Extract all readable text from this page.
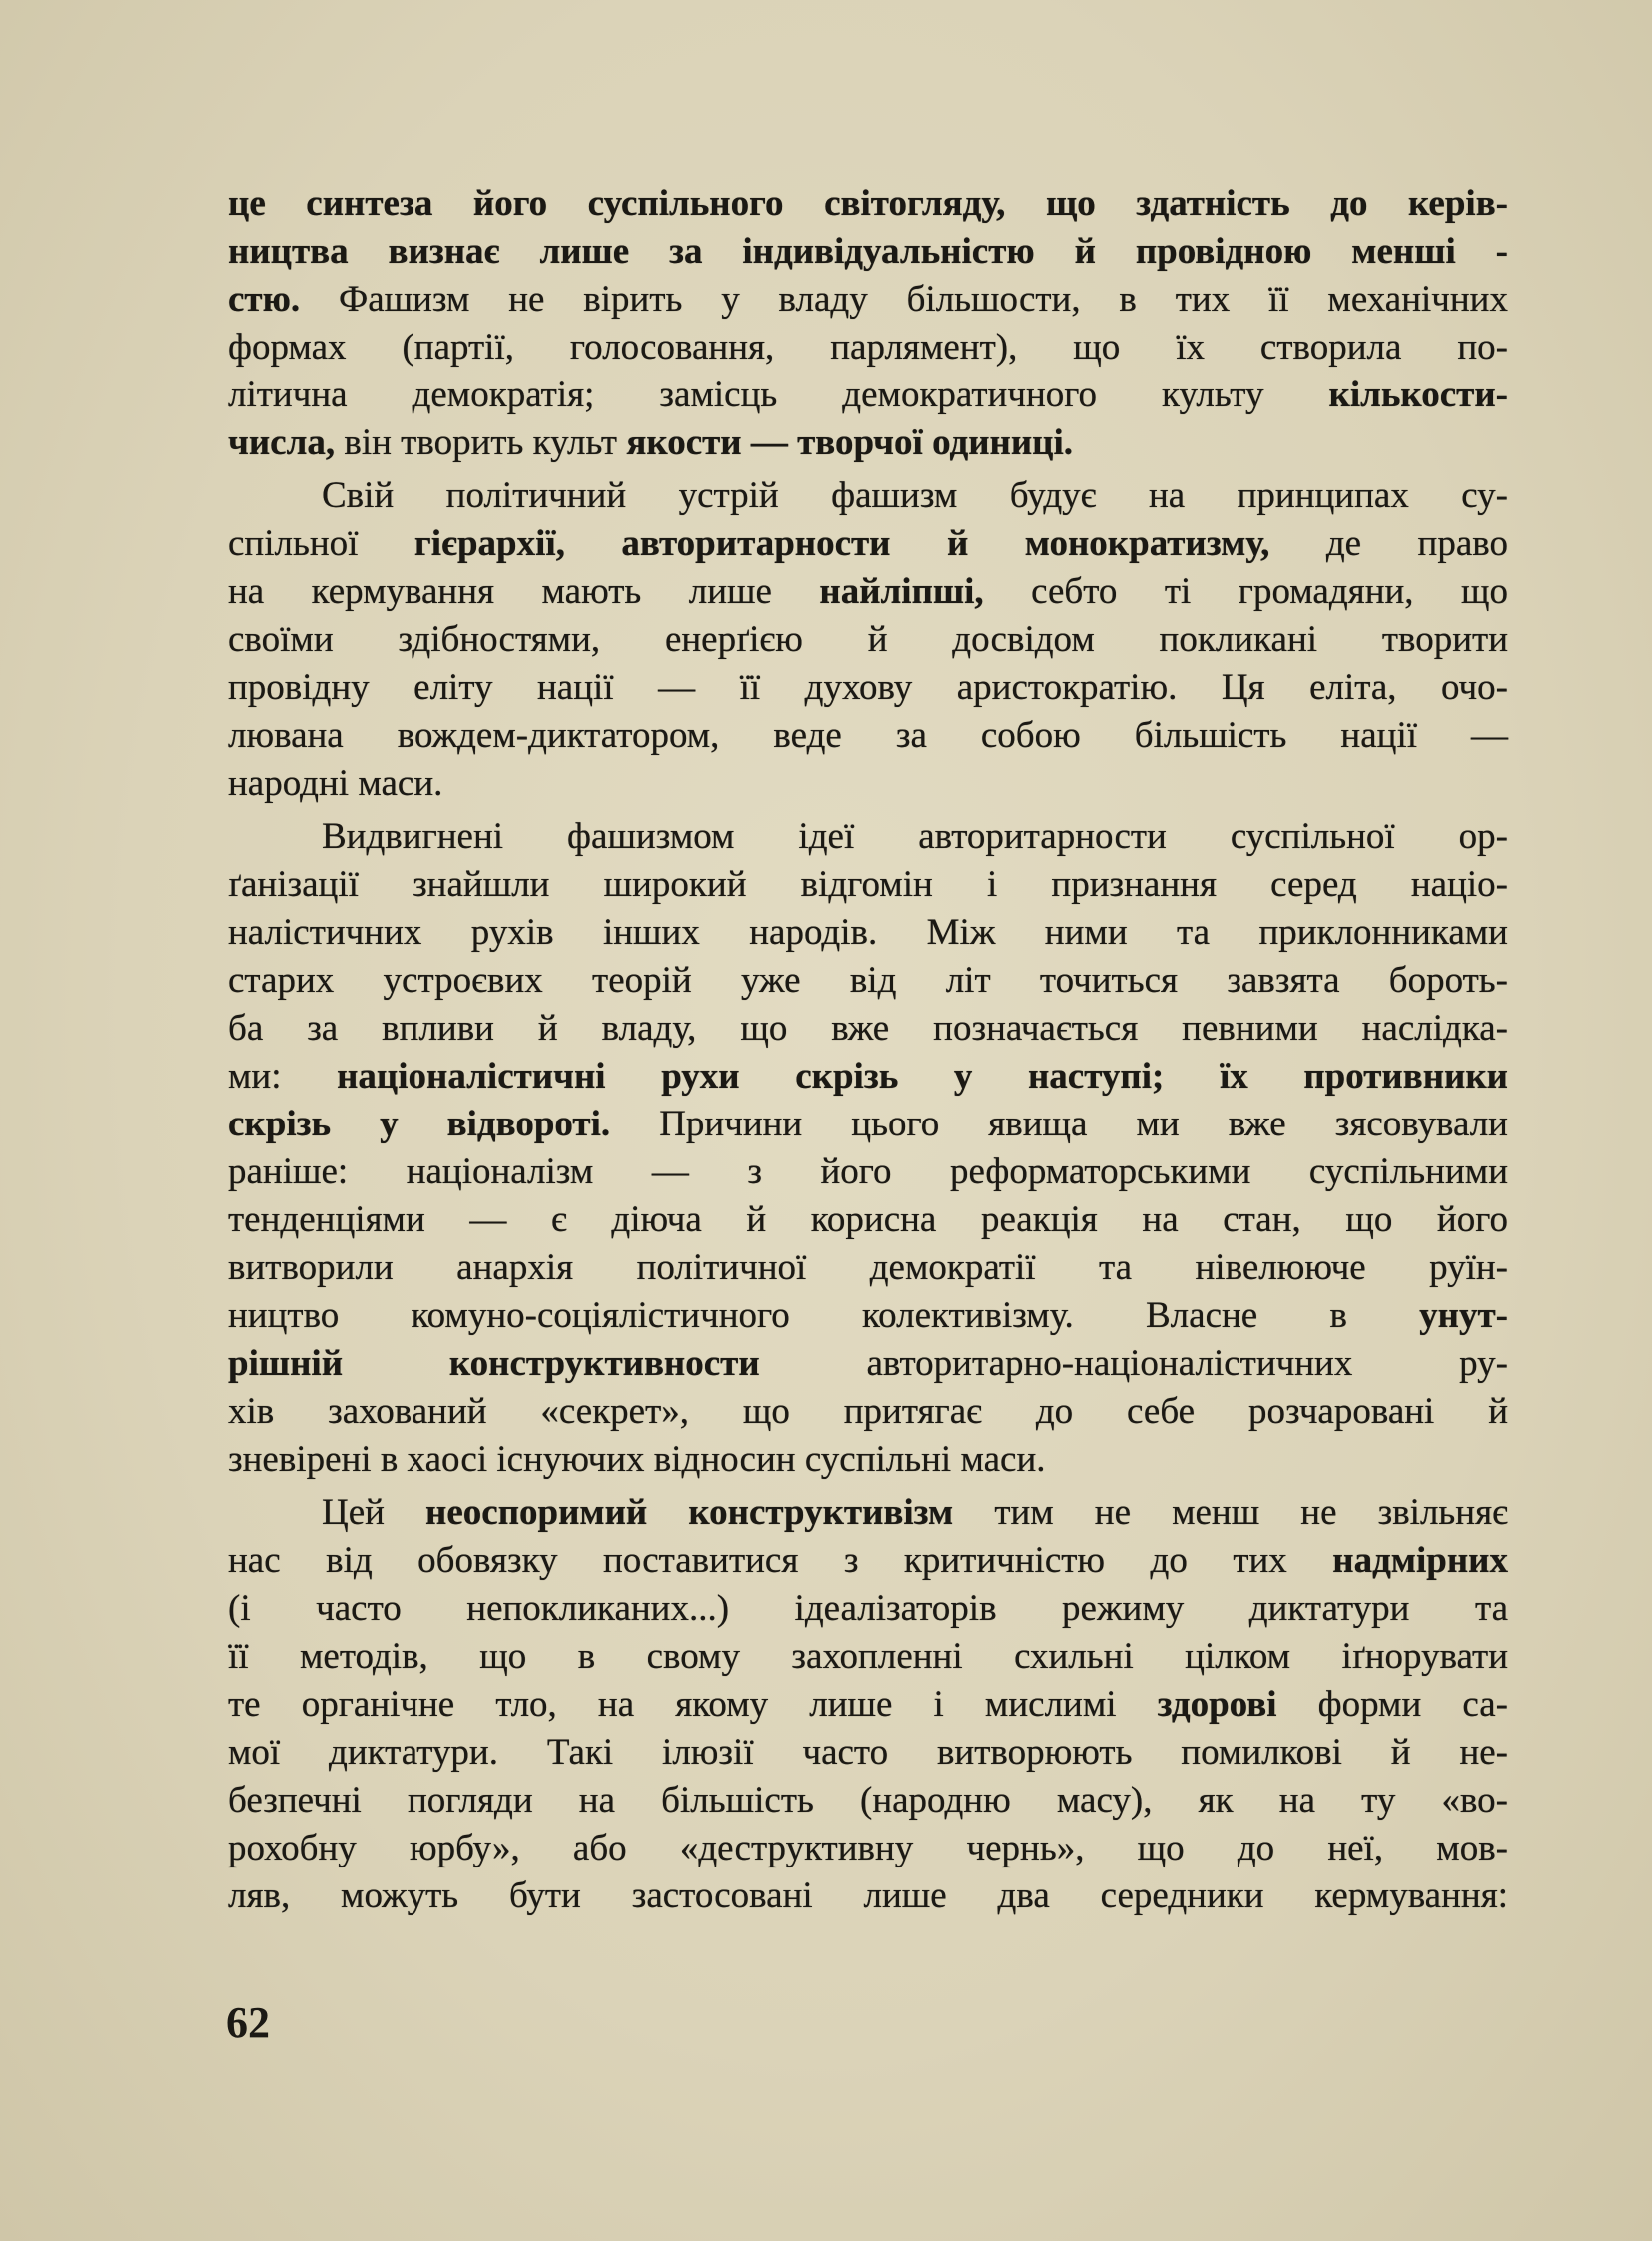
це синтеза його суспільного світогляду, що здатність до керів-
ництва визнає лише за індивідуальністю й провідною менші -
стю. Фашизм не вірить у владу більшости, в тих її механічних
формах (партії, голосовання, парлямент), що їх створила по-
літична демократія; замісць демократичного культу кількости-
числа, він творить культ якости — творчої одиниці.
Свій політичний устрій фашизм будує на принципах су-
спільної гієрархії, авторитарности й монократизму, де право
на кермування мають лише найліпші, себто ті громадяни, що
своїми здібностями, енерґією й досвідом покликані творити
провідну еліту нації — її духову аристократію. Ця еліта, очо-
лювана вождем-диктатором, веде за собою більшість нації —
народні маси.
Видвигнені фашизмом ідеї авторитарности суспільної ор-
ґанізації знайшли широкий відгомін і признання серед націо-
налістичних рухів інших народів. Між ними та приклонниками
старих устроєвих теорій уже від літ точиться завзята бороть-
ба за впливи й владу, що вже позначається певними наслідка-
ми: націоналістичні рухи скрізь у наступі; їх противники
скрізь у відвороті. Причини цього явища ми вже зясовували
раніше: націоналізм — з його реформаторськими суспільними
тенденціями — є діюча й корисна реакція на стан, що його
витворили анархія політичної демократії та нівелююче руїн-
ництво комуно-соціялістичного колективізму. Власне в унут-
рішній конструктивности авторитарно-націоналістичних ру-
хів захований «секрет», що притягає до себе розчаровані й
зневірені в хаосі існуючих відносин суспільні маси.
Цей неоспоримий конструктивізм тим не менш не звільняє
нас від обовязку поставитися з критичністю до тих надмірних
(і часто непокликаних...) ідеалізаторів режиму диктатури та
її методів, що в свому захопленні схильні цілком іґнорувати
те органічне тло, на якому лише і мислимі здорові форми са-
мої диктатури. Такі ілюзії часто витворюють помилкові й не-
безпечні погляди на більшість (народню масу), як на ту «во-
рохобну юрбу», або «деструктивну чернь», що до неї, мов-
ляв, можуть бути застосовані лише два середники кермування:
62
